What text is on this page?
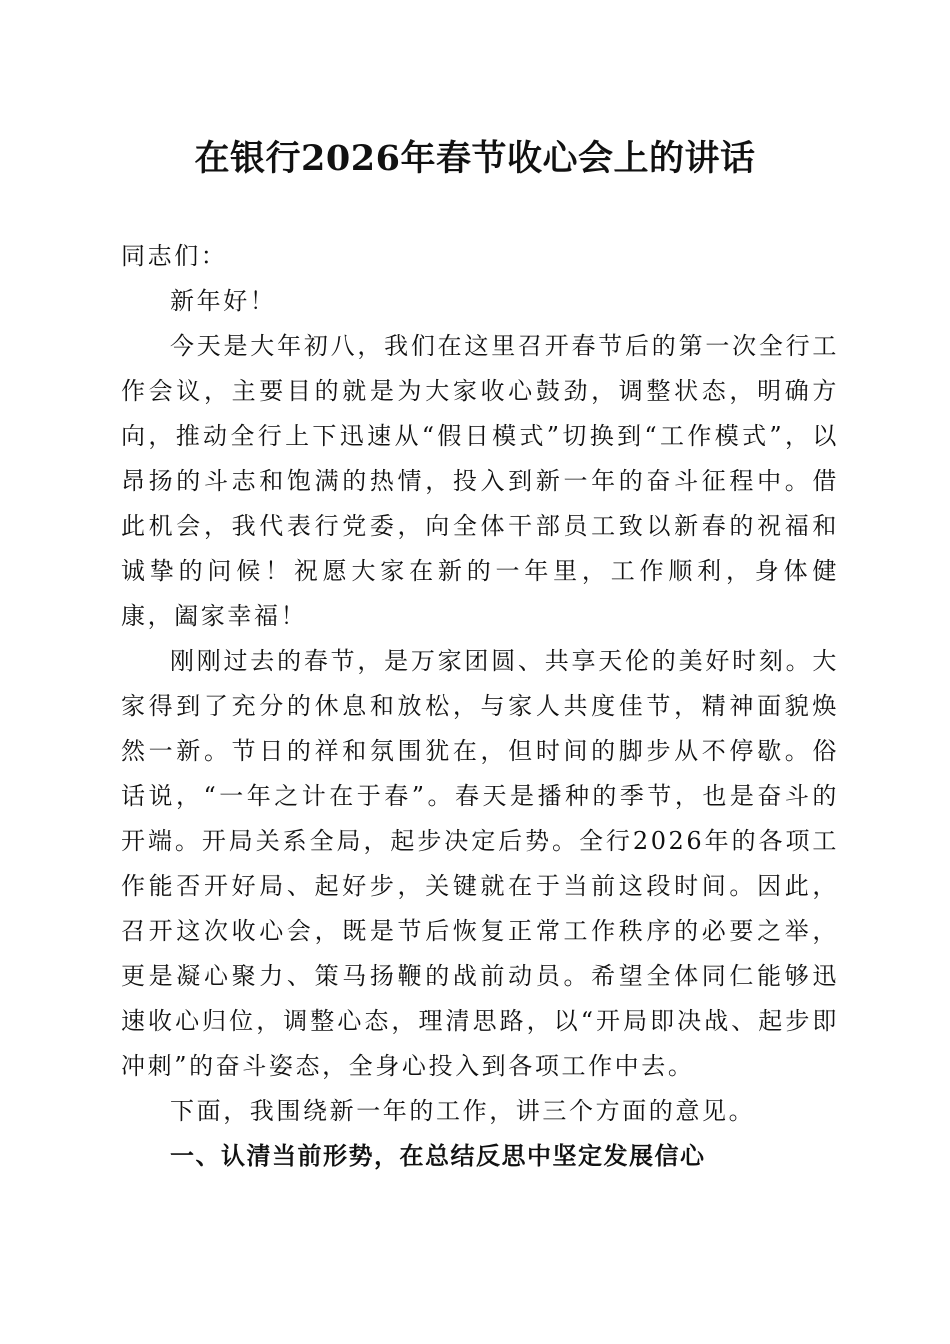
在银行2026年春节收心会上的讲话

同志们：

新年好！

今天是大年初八，我们在这里召开春节后的第一次全行工作会议，主要目的就是为大家收心鼓劲，调整状态，明确方向，推动全行上下迅速从“假日模式”切换到“工作模式”，以昂扬的斗志和饱满的热情，投入到新一年的奋斗征程中。借此机会，我代表行党委，向全体干部员工致以新春的祝福和诚挚的问候！祝愿大家在新的一年里，工作顺利，身体健康，阖家幸福！

刚刚过去的春节，是万家团圆、共享天伦的美好时刻。大家得到了充分的休息和放松，与家人共度佳节，精神面貌焕然一新。节日的祥和氛围犹在，但时间的脚步从不停歇。俗话说，“一年之计在于春”。春天是播种的季节，也是奋斗的开端。开局关系全局，起步决定后势。全行2026年的各项工作能否开好局、起好步，关键就在于当前这段时间。因此，召开这次收心会，既是节后恢复正常工作秩序的必要之举，更是凝心聚力、策马扬鞭的战前动员。希望全体同仁能够迅速收心归位，调整心态，理清思路，以“开局即决战、起步即冲刺”的奋斗姿态，全身心投入到各项工作中去。

下面，我围绕新一年的工作，讲三个方面的意见。

一、认清当前形势，在总结反思中坚定发展信心
